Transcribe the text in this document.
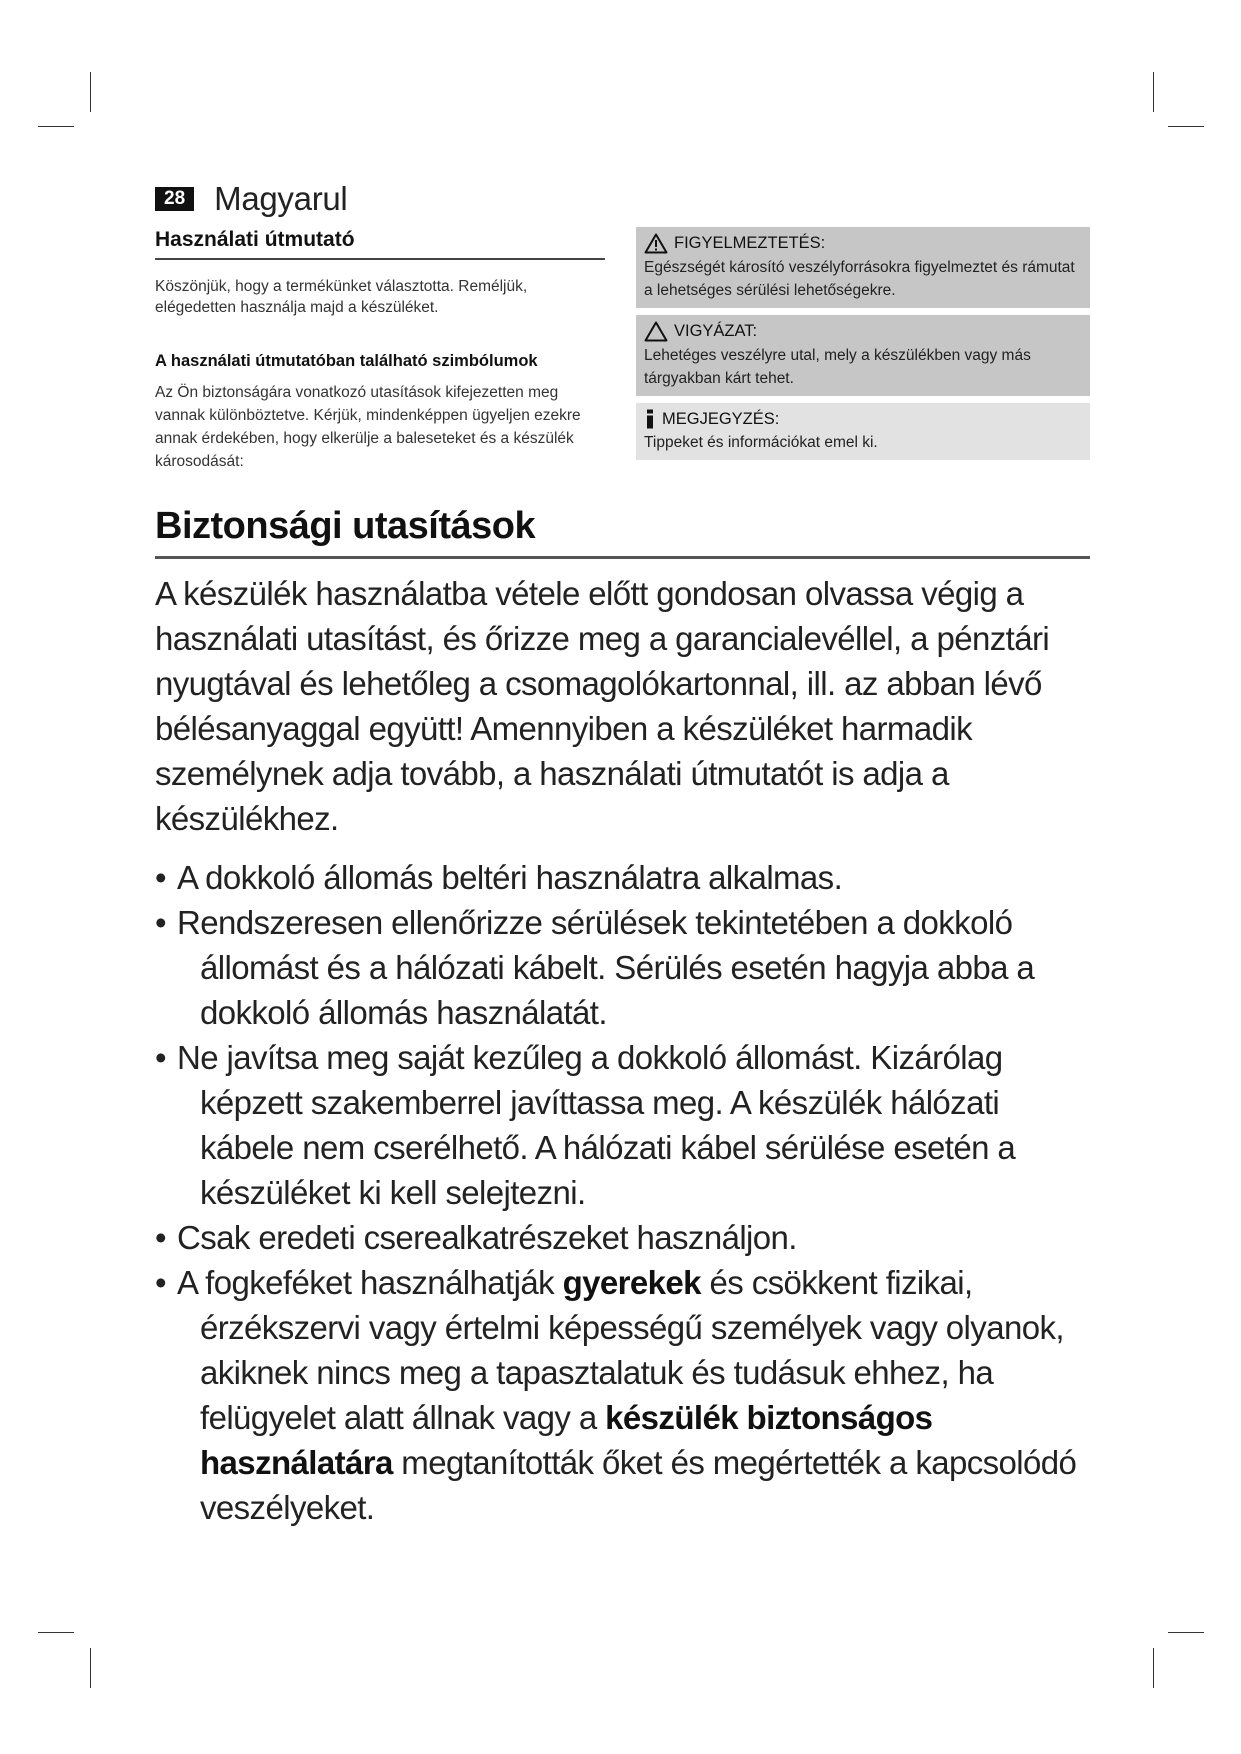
28 Magyarul
Használati útmutató

Köszönjük, hogy a termékünket választotta. Reméljük, elégedetten használja majd a készüléket.

A használati útmutatóban található szimbólumok

Az Ön biztonságára vonatkozó utasítások kifejezetten meg vannak különböztetve. Kérjük, mindenképpen ügyeljen ezekre annak érdekében, hogy elkerülje a baleseteket és a készülék károsodását:

FIGYELMEZTETÉS:
Egészségét károsító veszélyforrásokra figyelmeztet és rámutat a lehetséges sérülési lehetőségekre.
VIGYÁZAT:
Lehetéges veszélyre utal, mely a készülékben vagy más tárgyakban kárt tehet.
MEGJEGYZÉS:
Tippeket és információkat emel ki.
Biztonsági utasítások

A készülék használatba vétele előtt gondosan olvassa végig a használati utasítást, és őrizze meg a garancialevéllel, a pénztári nyugtával és lehetőleg a csomagolókartonnal, ill. az abban lévő bélésanyaggal együtt! Amennyiben a készüléket harmadik személynek adja tovább, a használati útmutatót is adja a készülékhez.

• A dokkoló állomás beltéri használatra alkalmas.
• Rendszeresen ellenőrizze sérülések tekintetében a dokkoló állomást és a hálózati kábelt. Sérülés esetén hagyja abba a dokkoló állomás használatát.
• Ne javítsa meg saját kezűleg a dokkoló állomást. Kizárólag képzett szakemberrel javíttassa meg. A készülék hálózati kábele nem cserélhető. A hálózati kábel sérülése esetén a készüléket ki kell selejtezni.
• Csak eredeti cserealkatrészeket használjon.
• A fogkeféket használhatják gyerekek és csökkent fizikai, érzékszervi vagy értelmi képességű személyek vagy olyanok, akiknek nincs meg a tapasztalatuk és tudásuk ehhez, ha felügyelet alatt állnak vagy a készülék biztonságos használatára megtanították őket és megértették a kapcsolódó veszélyeket.
